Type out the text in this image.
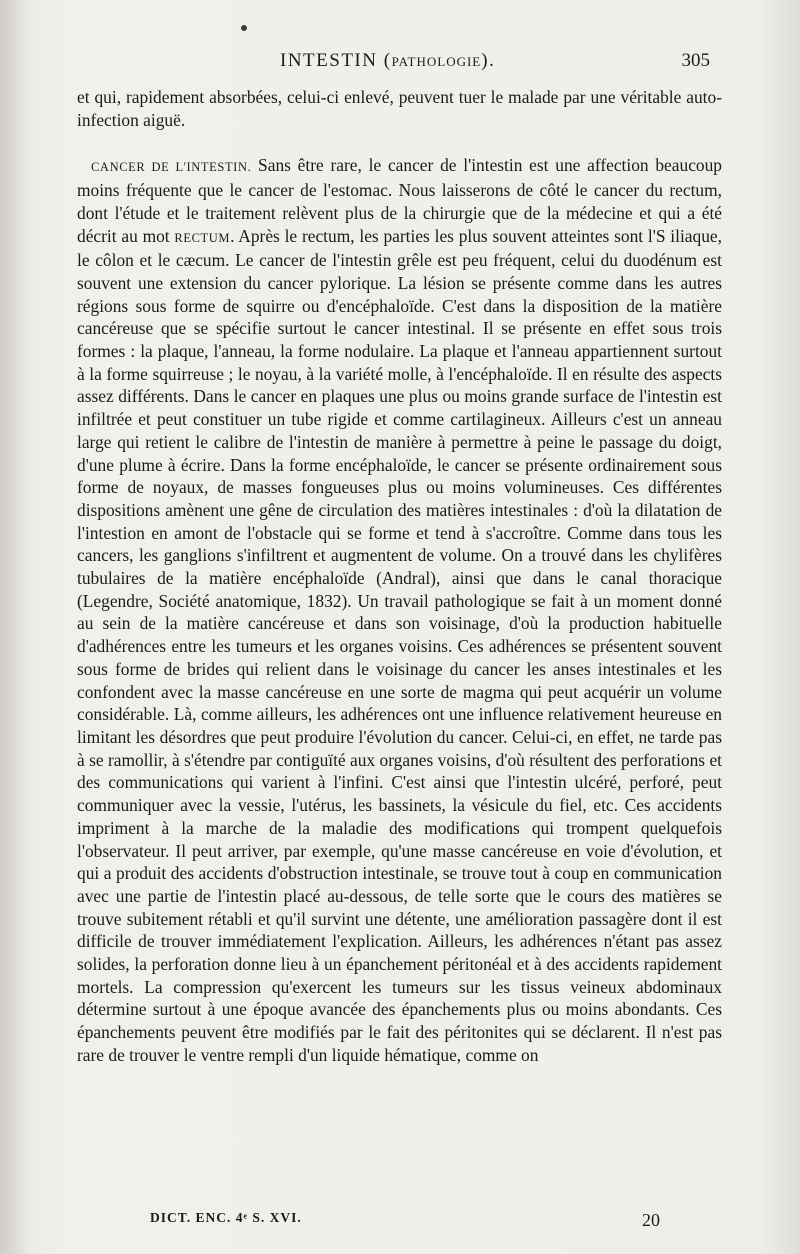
INTESTIN (PATHOLOGIE).	305

et qui, rapidement absorbées, celui-ci enlevé, peuvent tuer le malade par une véritable auto-infection aiguë.

CANCER DE L'INTESTIN. Sans être rare, le cancer de l'intestin est une affection beaucoup moins fréquente que le cancer de l'estomac. Nous laisserons de côté le cancer du rectum, dont l'étude et le traitement relèvent plus de la chirurgie que de la médecine et qui a été décrit au mot RECTUM. Après le rectum, les parties les plus souvent atteintes sont l'S iliaque, le côlon et le cæcum. Le cancer de l'intestin grêle est peu fréquent, celui du duodénum est souvent une extension du cancer pylorique. La lésion se présente comme dans les autres régions sous forme de squirre ou d'encéphaloïde. C'est dans la disposition de la matière cancéreuse que se spécifie surtout le cancer intestinal. Il se présente en effet sous trois formes : la plaque, l'anneau, la forme nodulaire. La plaque et l'anneau appartiennent surtout à la forme squirreuse ; le noyau, à la variété molle, à l'encéphaloïde. Il en résulte des aspects assez différents. Dans le cancer en plaques une plus ou moins grande surface de l'intestin est infiltrée et peut constituer un tube rigide et comme cartilagineux. Ailleurs c'est un anneau large qui retient le calibre de l'intestin de manière à permettre à peine le passage du doigt, d'une plume à écrire. Dans la forme encéphaloïde, le cancer se présente ordinairement sous forme de noyaux, de masses fongueuses plus ou moins volumineuses. Ces différentes dispositions amènent une gêne de circulation des matières intestinales : d'où la dilatation de l'intestion en amont de l'obstacle qui se forme et tend à s'accroître. Comme dans tous les cancers, les ganglions s'infiltrent et augmentent de volume. On a trouvé dans les chylifères tubulaires de la matière encéphaloïde (Andral), ainsi que dans le canal thoracique (Legendre, Société anatomique, 1832). Un travail pathologique se fait à un moment donné au sein de la matière cancéreuse et dans son voisinage, d'où la production habituelle d'adhérences entre les tumeurs et les organes voisins. Ces adhérences se présentent souvent sous forme de brides qui relient dans le voisinage du cancer les anses intestinales et les confondent avec la masse cancéreuse en une sorte de magma qui peut acquérir un volume considérable. Là, comme ailleurs, les adhérences ont une influence relativement heureuse en limitant les désordres que peut produire l'évolution du cancer. Celui-ci, en effet, ne tarde pas à se ramollir, à s'étendre par contiguïté aux organes voisins, d'où résultent des perforations et des communications qui varient à l'infini. C'est ainsi que l'intestin ulcéré, perforé, peut communiquer avec la vessie, l'utérus, les bassinets, la vésicule du fiel, etc. Ces accidents impriment à la marche de la maladie des modifications qui trompent quelquefois l'observateur. Il peut arriver, par exemple, qu'une masse cancéreuse en voie d'évolution, et qui a produit des accidents d'obstruction intestinale, se trouve tout à coup en communication avec une partie de l'intestin placé au-dessous, de telle sorte que le cours des matières se trouve subitement rétabli et qu'il survint une détente, une amélioration passagère dont il est difficile de trouver immédiatement l'explication. Ailleurs, les adhérences n'étant pas assez solides, la perforation donne lieu à un épanchement péritonéal et à des accidents rapidement mortels. La compression qu'exercent les tumeurs sur les tissus veineux abdominaux détermine surtout à une époque avancée des épanchements plus ou moins abondants. Ces épanchements peuvent être modifiés par le fait des péritonites qui se déclarent. Il n'est pas rare de trouver le ventre rempli d'un liquide hématique, comme on

DICT. ENC. 4ᵉ S. XVI.	20
